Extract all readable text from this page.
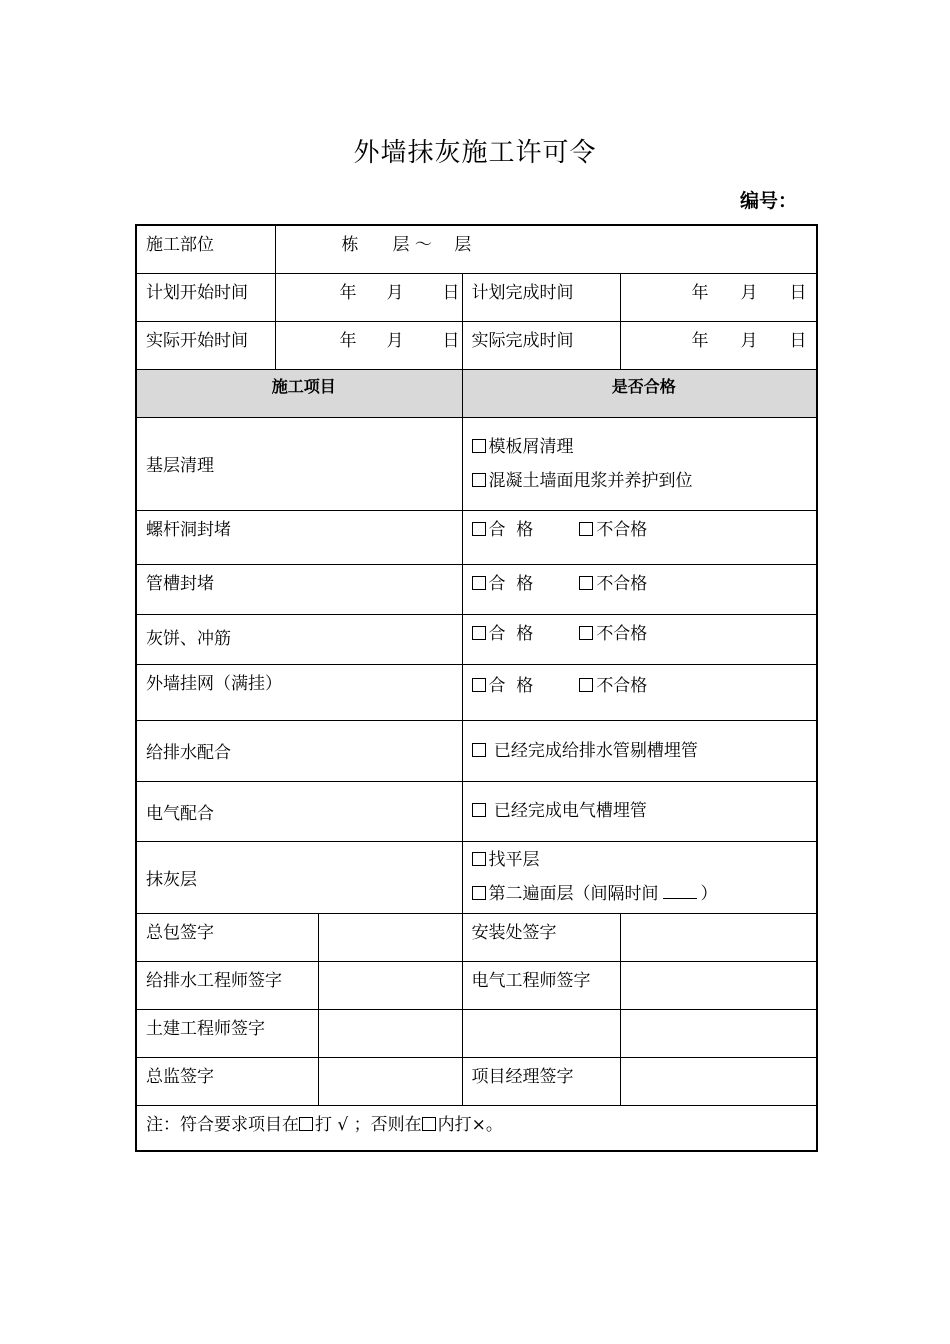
外墙抹灰施工许可令
编号：
施工部位	栋　　层 ～　 层			

计划开始时间	年 月 日		计划完成时间	年 月 日

实际开始时间	年 月 日		实际完成时间	年 月 日

施工项目			是否合格	
基层清理			模板屑清理
混凝土墙面甩浆并养护到位	

螺杆洞封堵			合  格 不合格	

管槽封堵			合  格 不合格	

灰饼、冲筋			合  格 不合格	

外墙挂网（满挂）			合  格 不合格	

给排水配合			已经完成给排水管剔槽埋管	

电气配合			已经完成电气槽埋管	

抹灰层			找平层
第二遍面层（间隔时间 ）	

总包签字			安装处签字	

给排水工程师签字			电气工程师签字	

土建工程师签字				

总监签字			项目经理签字	

注：符合要求项目在 打 √ ；否则在 内打×。				
